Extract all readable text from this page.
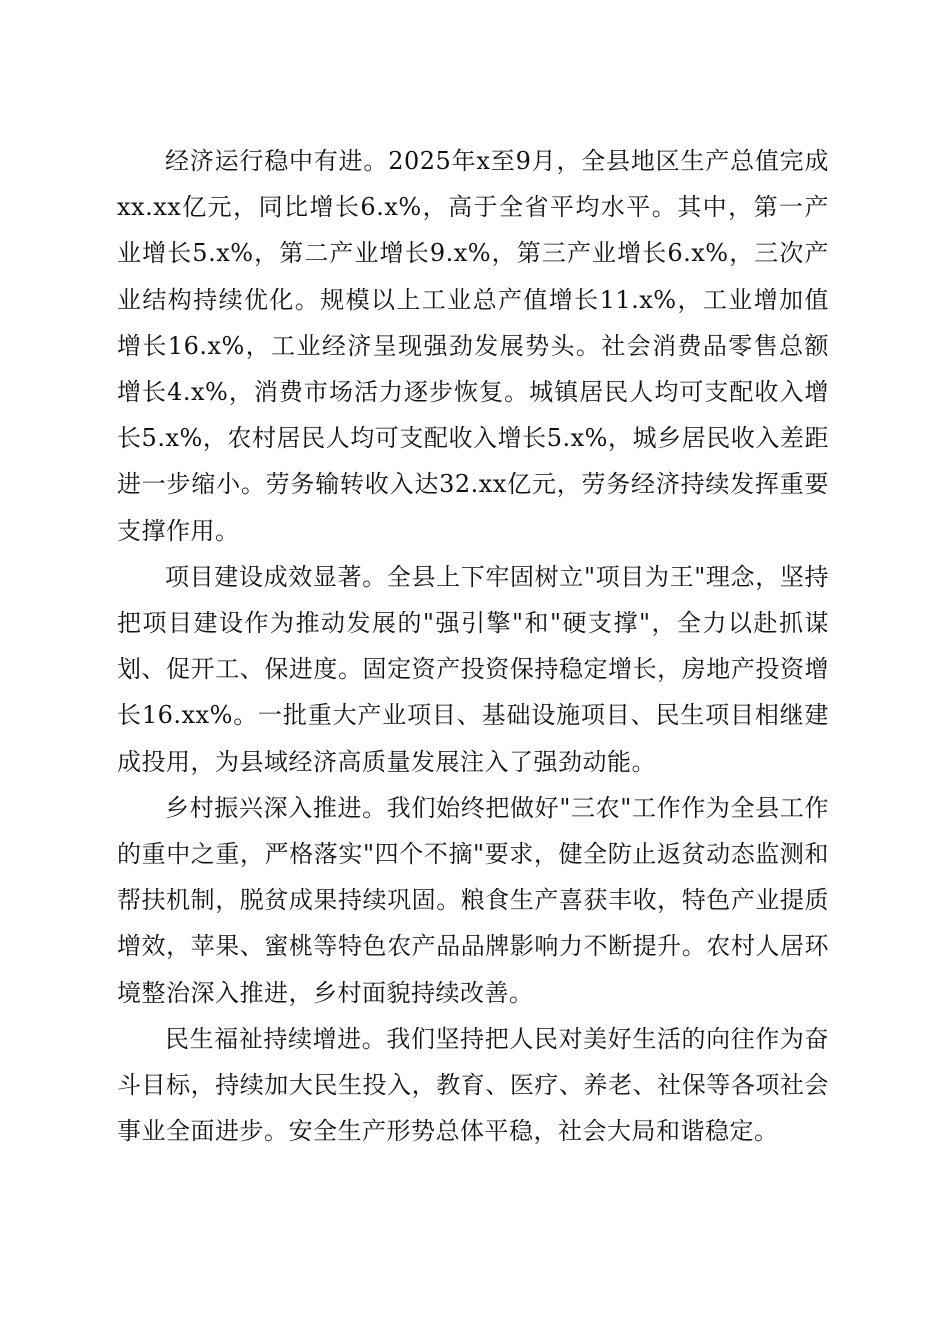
经济运行稳中有进。2025年x至9月，全县地区生产总值完成xx.xx亿元，同比增长6.x%，高于全省平均水平。其中，第一产业增长5.x%，第二产业增长9.x%，第三产业增长6.x%，三次产业结构持续优化。规模以上工业总产值增长11.x%，工业增加值增长16.x%，工业经济呈现强劲发展势头。社会消费品零售总额增长4.x%，消费市场活力逐步恢复。城镇居民人均可支配收入增长5.x%，农村居民人均可支配收入增长5.x%，城乡居民收入差距进一步缩小。劳务输转收入达32.xx亿元，劳务经济持续发挥重要支撑作用。

项目建设成效显著。全县上下牢固树立"项目为王"理念，坚持把项目建设作为推动发展的"强引擎"和"硬支撑"，全力以赴抓谋划、促开工、保进度。固定资产投资保持稳定增长，房地产投资增长16.xx%。一批重大产业项目、基础设施项目、民生项目相继建成投用，为县域经济高质量发展注入了强劲动能。

乡村振兴深入推进。我们始终把做好"三农"工作作为全县工作的重中之重，严格落实"四个不摘"要求，健全防止返贫动态监测和帮扶机制，脱贫成果持续巩固。粮食生产喜获丰收，特色产业提质增效，苹果、蜜桃等特色农产品品牌影响力不断提升。农村人居环境整治深入推进，乡村面貌持续改善。

民生福祉持续增进。我们坚持把人民对美好生活的向往作为奋斗目标，持续加大民生投入，教育、医疗、养老、社保等各项社会事业全面进步。安全生产形势总体平稳，社会大局和谐稳定。
